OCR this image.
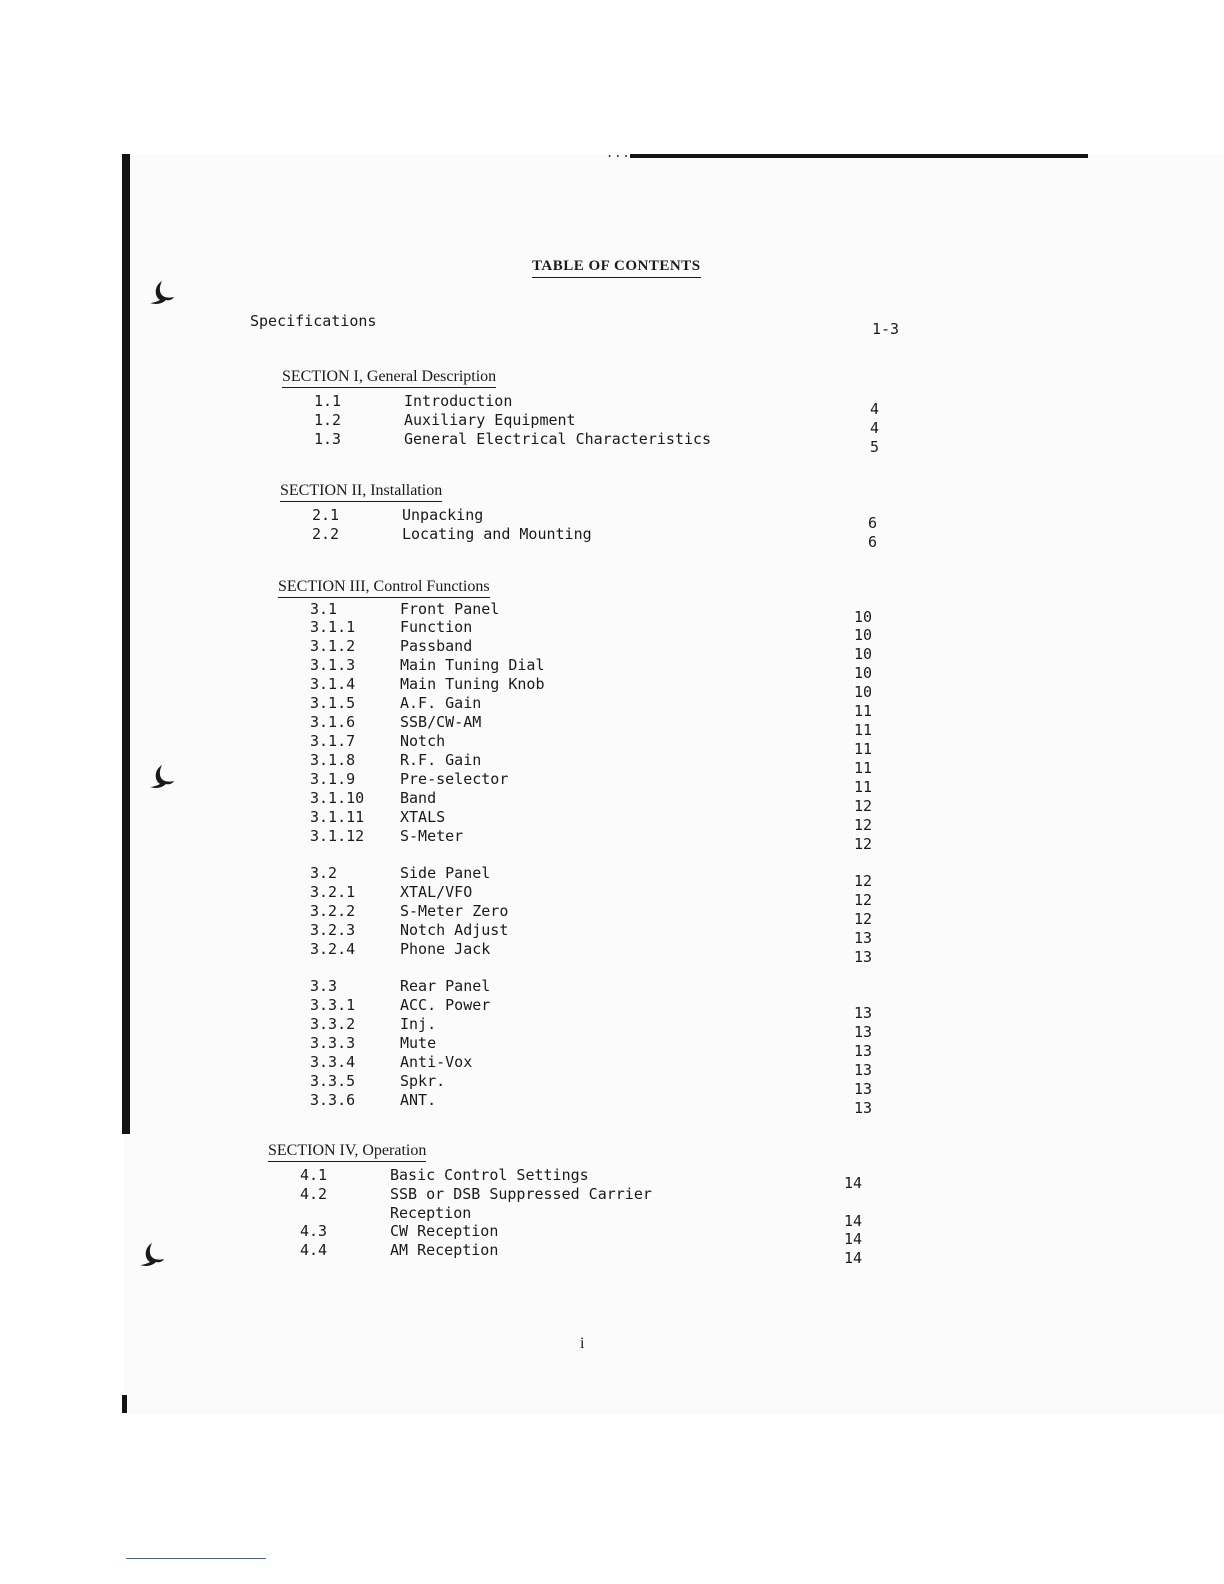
...
TABLE OF CONTENTS
Specifications	1-3
SECTION I, General Description
1.1	Introduction	4
1.2	Auxiliary Equipment	4
1.3	General Electrical Characteristics	5
SECTION II, Installation
2.1	Unpacking	6
2.2	Locating and Mounting	6
SECTION III, Control Functions
3.1	Front Panel	10
3.1.1	Function	10
3.1.2	Passband	10
3.1.3	Main Tuning Dial	10
3.1.4	Main Tuning Knob	10
3.1.5	A.F. Gain	11
3.1.6	SSB/CW-AM	11
3.1.7	Notch	11
3.1.8	R.F. Gain	11
3.1.9	Pre-selector	11
3.1.10 Band	12
3.1.11 XTALS	12
3.1.12 S-Meter	12
3.2	Side Panel	12
3.2.1	XTAL/VFO	12
3.2.2	S-Meter Zero	12
3.2.3	Notch Adjust	13
3.2.4	Phone Jack	13
3.3	Rear Panel
3.3.1	ACC. Power	13
3.3.2	Inj.	13
3.3.3	Mute	13
3.3.4	Anti-Vox	13
3.3.5	Spkr.	13
3.3.6	ANT.	13
SECTION IV, Operation
4.1	Basic Control Settings	14
4.2	SSB or DSB Suppressed Carrier
Reception	14
4.3	CW Reception	14
4.4	AM Reception	14
i
